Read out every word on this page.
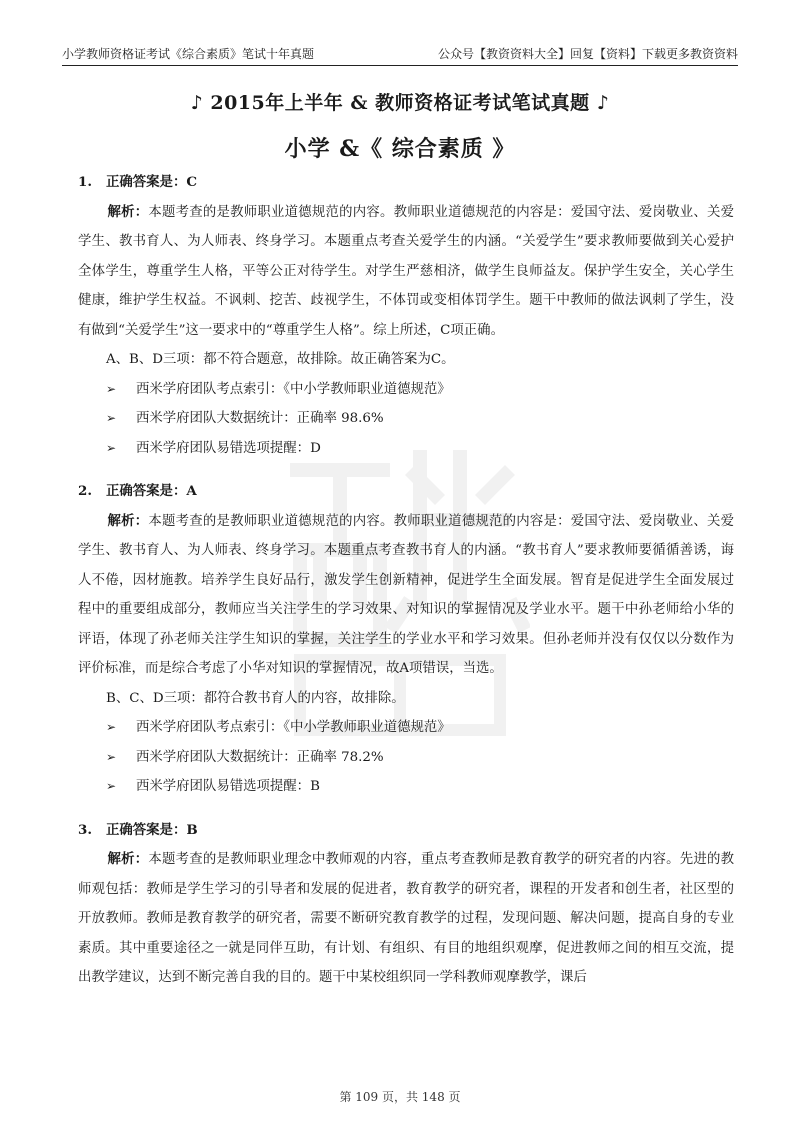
小学教师资格证考试《综合素质》笔试十年真题	公众号【教资资料大全】回复【资料】下载更多教资资料
♪ 2015年上半年 & 教师资格证考试笔试真题 ♪
小学 &《 综合素质 》
1. 正确答案是：C

解析：本题考查的是教师职业道德规范的内容。教师职业道德规范的内容是：爱国守法、爱岗敬业、关爱学生、教书育人、为人师表、终身学习。本题重点考查关爱学生的内涵。“关爱学生”要求教师要做到关心爱护全体学生，尊重学生人格，平等公正对待学生。对学生严慈相济，做学生良师益友。保护学生安全，关心学生健康，维护学生权益。不讽刺、挖苦、歧视学生，不体罚或变相体罚学生。题干中教师的做法讽刺了学生，没有做到“关爱学生”这一要求中的“尊重学生人格”。综上所述，C项正确。

A、B、D三项：都不符合题意，故排除。故正确答案为C。

➢ 西米学府团队考点索引：《中小学教师职业道德规范》
➢ 西米学府团队大数据统计：正确率 98.6%
➢ 西米学府团队易错选项提醒：D
2. 正确答案是：A

解析：本题考查的是教师职业道德规范的内容。教师职业道德规范的内容是：爱国守法、爱岗敬业、关爱学生、教书育人、为人师表、终身学习。本题重点考查教书育人的内涵。“教书育人”要求教师要循循善诱，诲人不倦，因材施教。培养学生良好品行，激发学生创新精神，促进学生全面发展。智育是促进学生全面发展过程中的重要组成部分，教师应当关注学生的学习效果、对知识的掌握情况及学业水平。题干中孙老师给小华的评语，体现了孙老师关注学生知识的掌握，关注学生的学业水平和学习效果。但孙老师并没有仅仅以分数作为评价标准，而是综合考虑了小华对知识的掌握情况，故A项错误，当选。

B、C、D三项：都符合教书育人的内容，故排除。

➢ 西米学府团队考点索引：《中小学教师职业道德规范》
➢ 西米学府团队大数据统计：正确率 78.2%
➢ 西米学府团队易错选项提醒：B
3. 正确答案是：B

解析：本题考查的是教师职业理念中教师观的内容，重点考查教师是教育教学的研究者的内容。先进的教师观包括：教师是学生学习的引导者和发展的促进者，教育教学的研究者，课程的开发者和创生者，社区型的开放教师。教师是教育教学的研究者，需要不断研究教育教学的过程，发现问题、解决问题，提高自身的专业素质。其中重要途径之一就是同伴互助，有计划、有组织、有目的地组织观摩，促进教师之间的相互交流，提出教学建议，达到不断完善自我的目的。题干中某校组织同一学科教师观摩教学，课后

第 109 页，共 148 页
